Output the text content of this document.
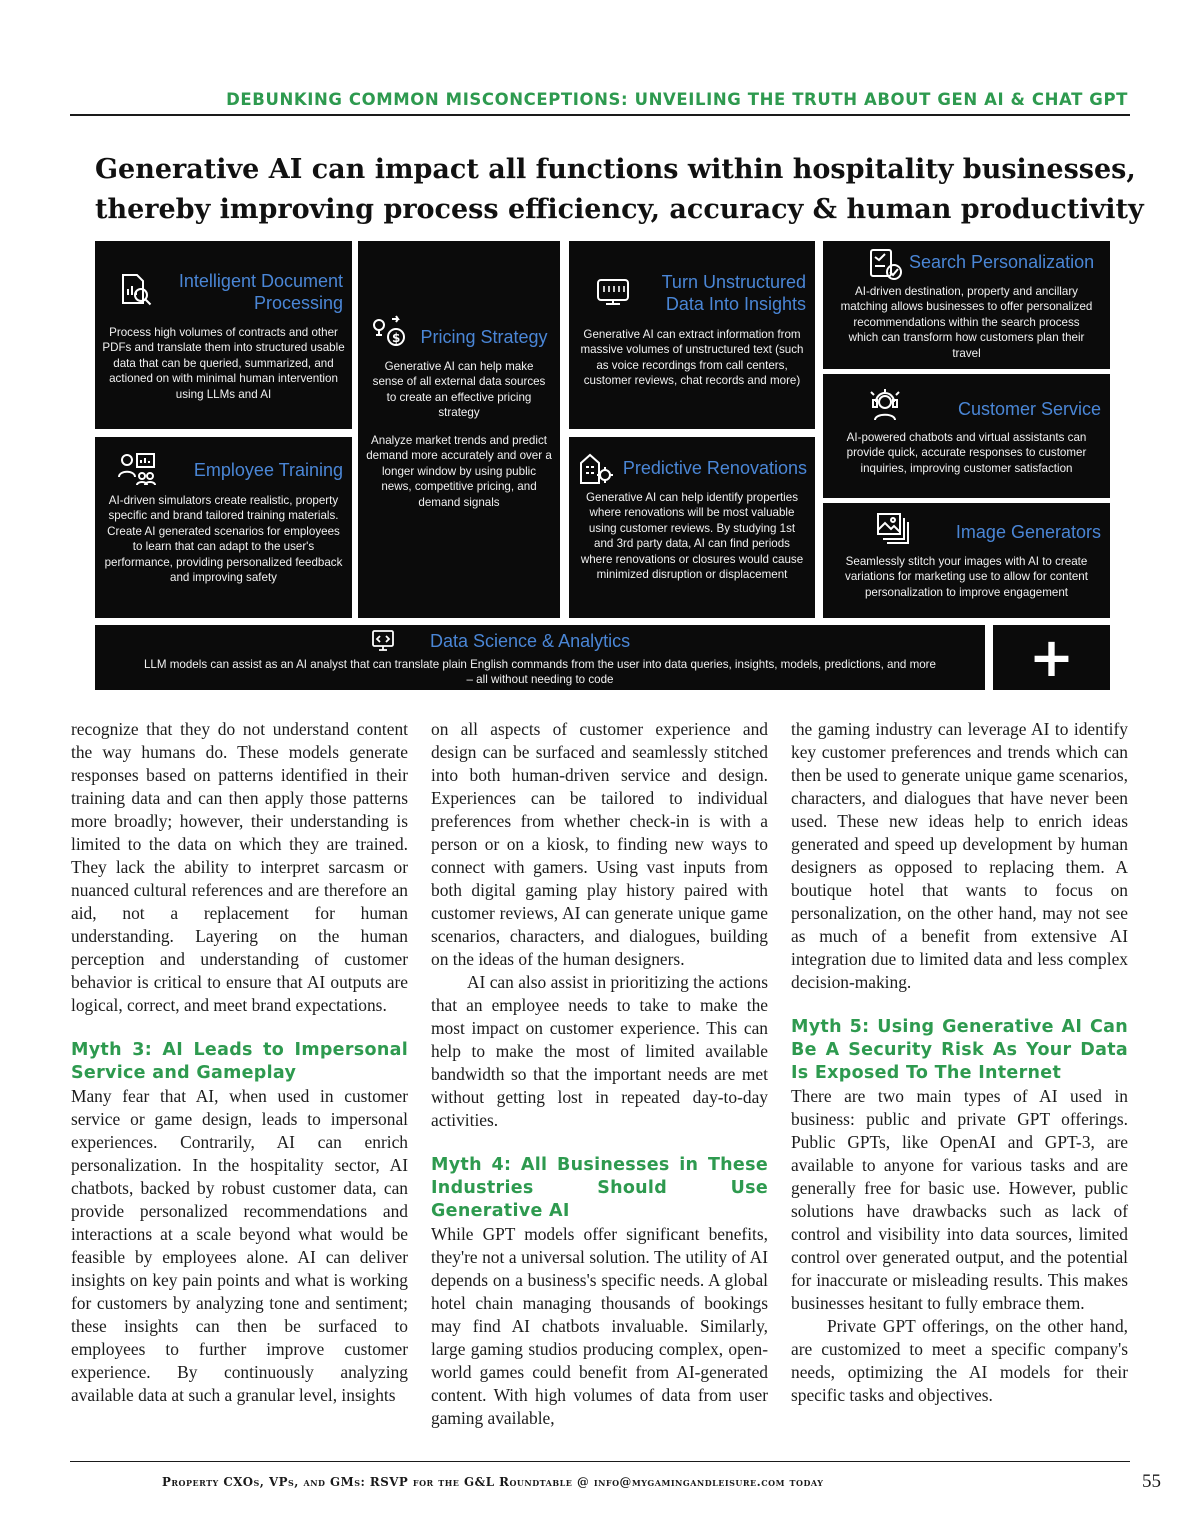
DEBUNKING COMMON MISCONCEPTIONS: UNVEILING THE TRUTH ABOUT GEN AI & CHAT GPT
Generative AI can impact all functions within hospitality businesses,
thereby improving process efficiency, accuracy & human productivity
Intelligent Document
Processing
Process high volumes of contracts and other PDFs and translate them into structured usable data that can be queried, summarized, and actioned on with minimal human intervention using LLMs and AI
Employee Training
AI-driven simulators create realistic, property specific and brand tailored training materials. Create AI generated scenarios for employees to learn that can adapt to the user's performance, providing personalized feedback and improving safety
$	Pricing Strategy
Generative AI can help make sense of all external data sources to create an effective pricing strategy
Analyze market trends and predict demand more accurately and over a longer window by using public news, competitive pricing, and demand signals
Turn Unstructured
Data Into Insights
Generative AI can extract information from massive volumes of unstructured text (such as voice recordings from call centers, customer reviews, chat records and more)
Predictive Renovations
Generative AI can help identify properties where renovations will be most valuable using customer reviews. By studying 1st and 3rd party data, AI can find periods where renovations or closures would cause minimized disruption or displacement
Search Personalization
AI-driven destination, property and ancillary matching allows businesses to offer personalized recommendations within the search process which can transform how customers plan their travel
Customer Service
AI-powered chatbots and virtual assistants can provide quick, accurate responses to customer inquiries, improving customer satisfaction
Image Generators
Seamlessly stitch your images with AI to create variations for marketing use to allow for content personalization to improve engagement
Data Science & Analytics
LLM models can assist as an AI analyst that can translate plain English commands from the user into data queries, insights, models, predictions, and more
– all without needing to code	+

recognize that they do not understand content the way humans do. These models generate responses based on patterns identified in their training data and can then apply those patterns more broadly; however, their understanding is limited to the data on which they are trained. They lack the ability to interpret sarcasm or nuanced cultural references and are therefore an aid, not a replacement for human understanding. Layering on the human perception and understanding of customer behavior is critical to ensure that AI outputs are logical, correct, and meet brand expectations.

Myth 3: AI Leads to Impersonal Service and Gameplay

Many fear that AI, when used in customer service or game design, leads to impersonal experiences. Contrarily, AI can enrich personalization. In the hospitality sector, AI chatbots, backed by robust customer data, can provide personalized recommendations and interactions at a scale beyond what would be feasible by employees alone. AI can deliver insights on key pain points and what is working for customers by analyzing tone and sentiment; these insights can then be surfaced to employees to further improve customer experience. By continuously analyzing available data at such a granular level, insights

on all aspects of customer experience and design can be surfaced and seamlessly stitched into both human-driven service and design. Experiences can be tailored to individual preferences from whether check-in is with a person or on a kiosk, to finding new ways to connect with gamers. Using vast inputs from both digital gaming play history paired with customer reviews, AI can generate unique game scenarios, characters, and dialogues, building on the ideas of the human designers.

AI can also assist in prioritizing the actions that an employee needs to take to make the most impact on customer experience. This can help to make the most of limited available bandwidth so that the important needs are met without getting lost in repeated day-to-day activities.

Myth 4: All Businesses in These Industries Should Use Generative AI

While GPT models offer significant benefits, they're not a universal solution. The utility of AI depends on a business's specific needs. A global hotel chain managing thousands of bookings may find AI chatbots invaluable. Similarly, large gaming studios producing complex, open-world games could benefit from AI-generated content. With high volumes of data from user gaming available,

the gaming industry can leverage AI to identify key customer preferences and trends which can then be used to generate unique game scenarios, characters, and dialogues that have never been used. These new ideas help to enrich ideas generated and speed up development by human designers as opposed to replacing them. A boutique hotel that wants to focus on personalization, on the other hand, may not see as much of a benefit from extensive AI integration due to limited data and less complex decision-making.

Myth 5: Using Generative AI Can Be A Security Risk As Your Data Is Exposed To The Internet

There are two main types of AI used in business: public and private GPT offerings. Public GPTs, like OpenAI and GPT-3, are available to anyone for various tasks and are generally free for basic use. However, public solutions have drawbacks such as lack of control and visibility into data sources, limited control over generated output, and the potential for inaccurate or misleading results. This makes businesses hesitant to fully embrace them.

Private GPT offerings, on the other hand, are customized to meet a specific company's needs, optimizing the AI models for their specific tasks and objectives.

Property CXOs, VPs, and GMs: RSVP for the G&L Roundtable @ info@mygamingandleisure.com today	55
